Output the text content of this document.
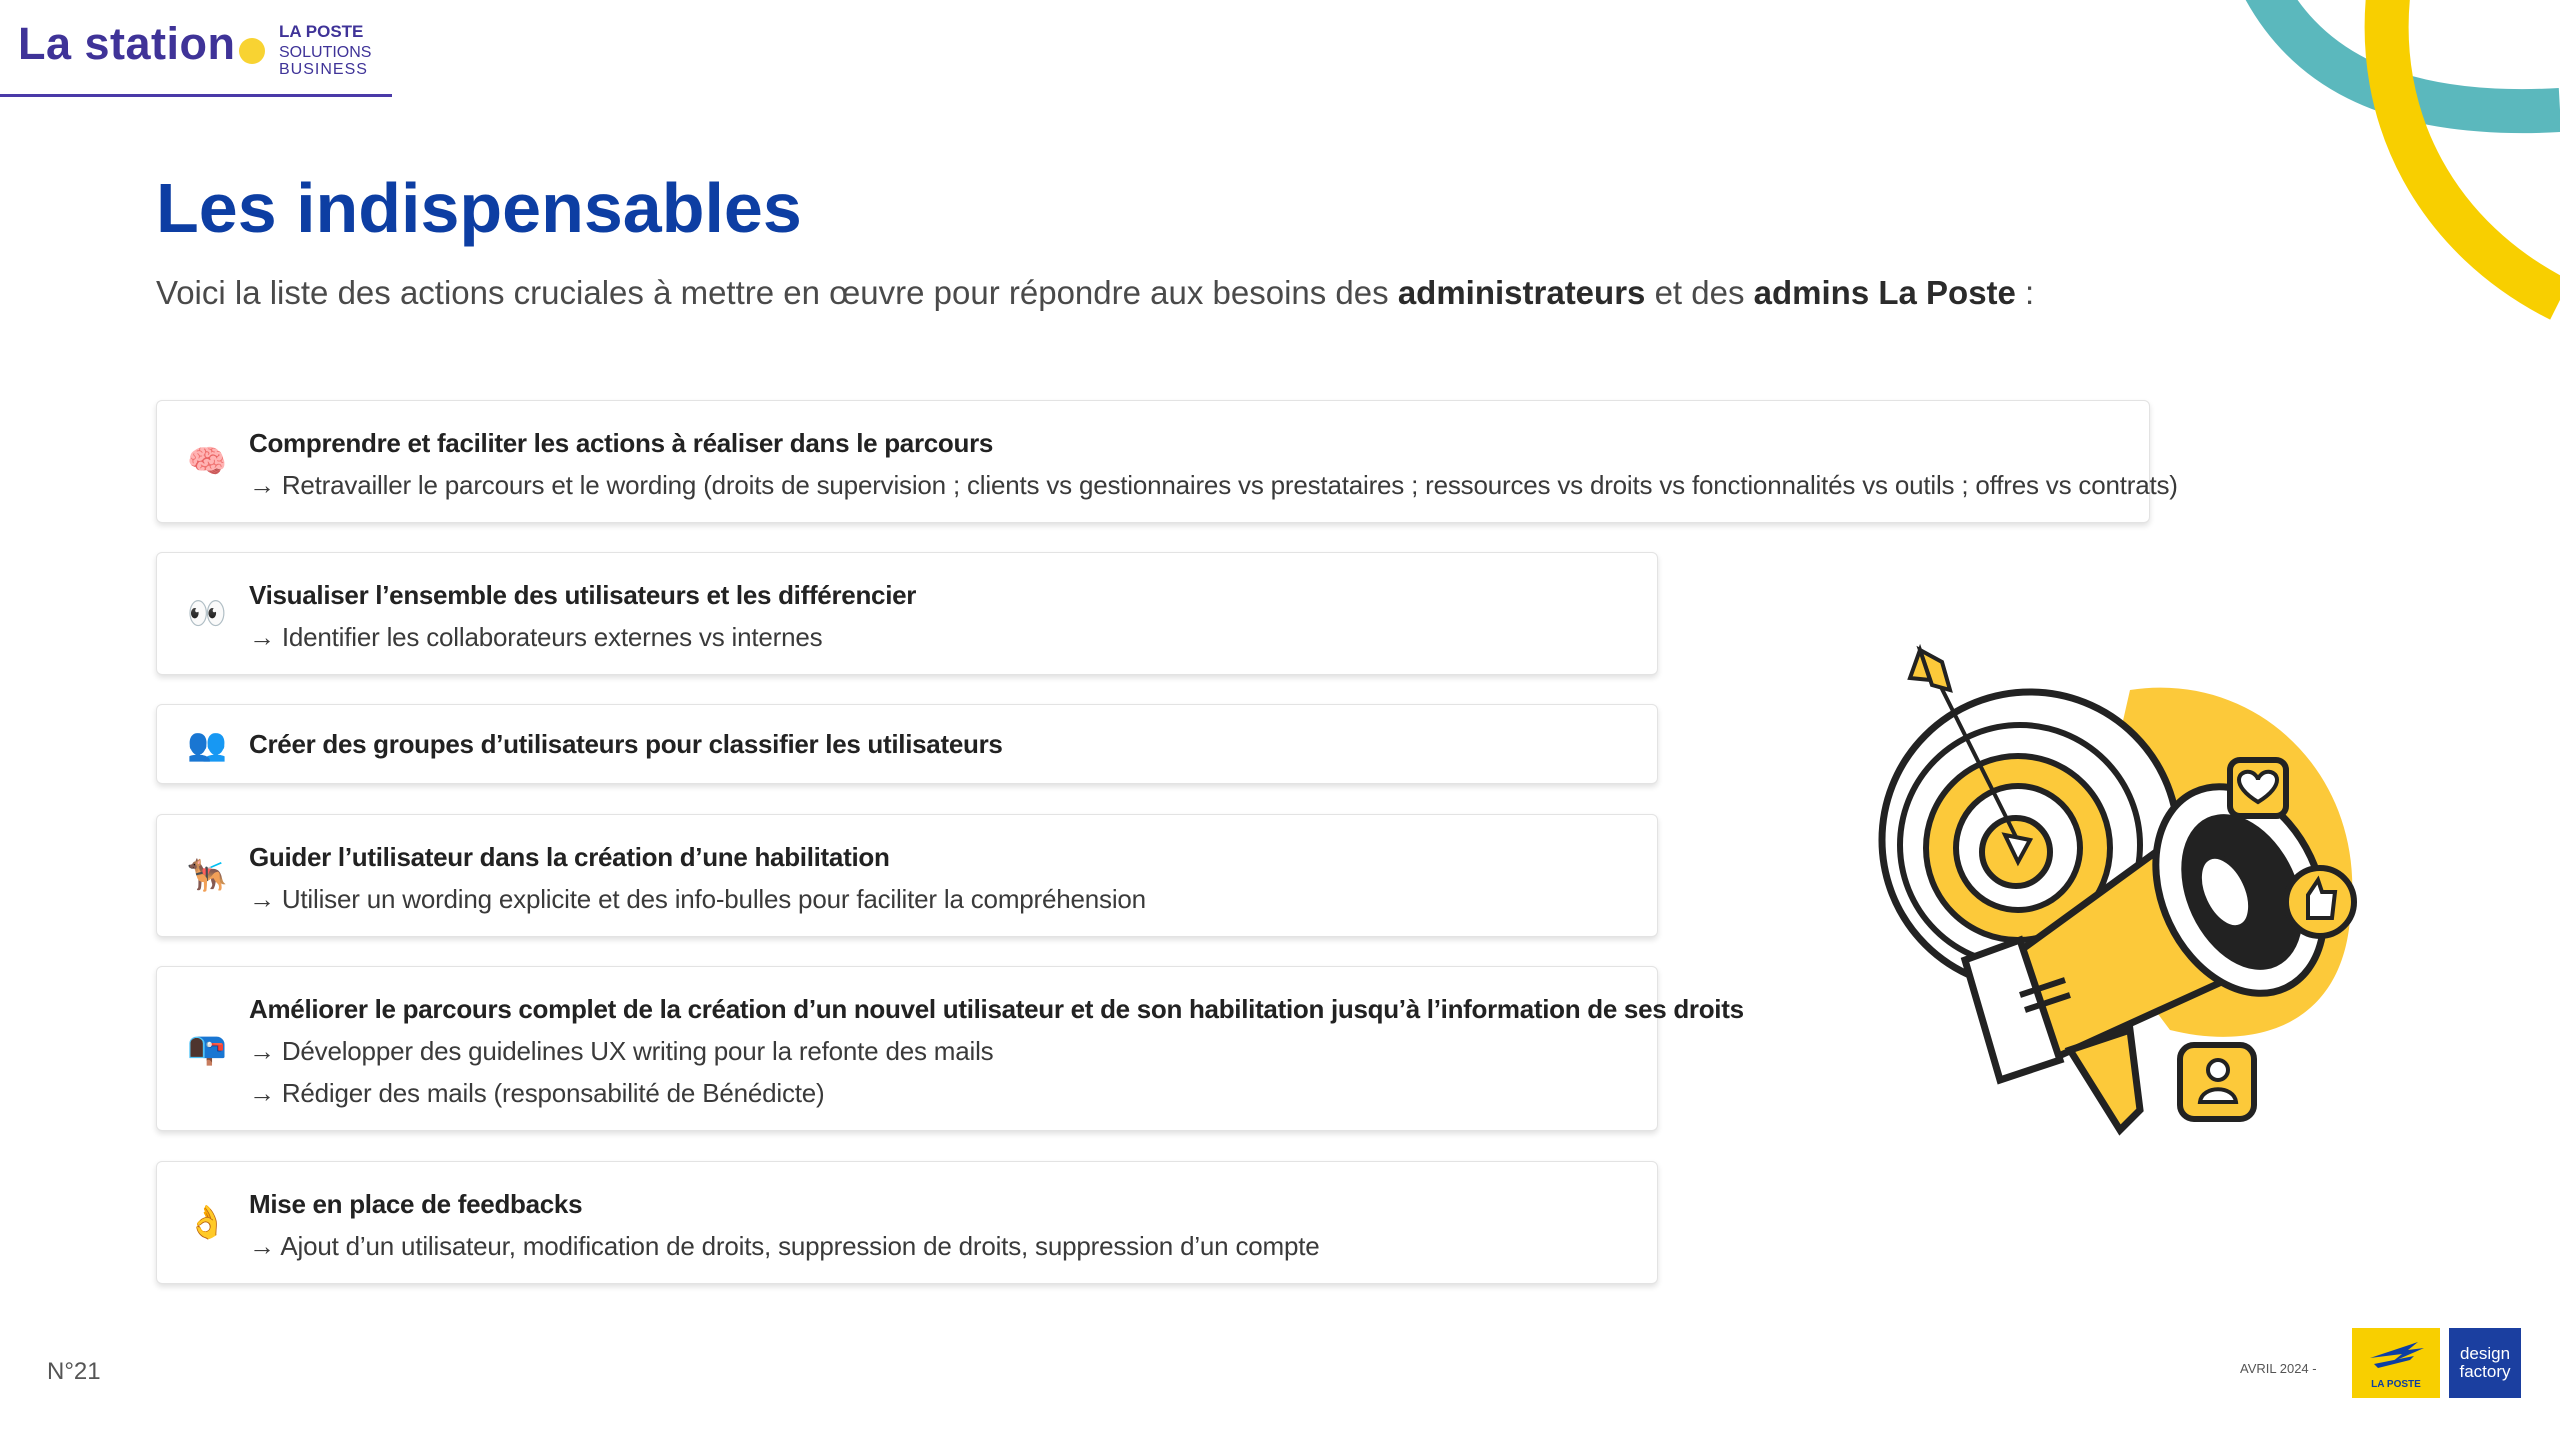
La station	LA POSTE
SOLUTIONS
BUSINESS
Les indispensables
Voici la liste des actions cruciales à mettre en œuvre pour répondre aux besoins des administrateurs et des admins La Poste :
🧠 Comprendre et faciliter les actions à réaliser dans le parcours
→ Retravailler le parcours et le wording (droits de supervision ; clients vs gestionnaires vs prestataires ; ressources vs droits vs fonctionnalités vs outils ; offres vs contrats)
👀 Visualiser l’ensemble des utilisateurs et les différencier
→ Identifier les collaborateurs externes vs internes
👥 Créer des groupes d’utilisateurs pour classifier les utilisateurs
🐕‍🦺 Guider l’utilisateur dans la création d’une habilitation
→ Utiliser un wording explicite et des info-bulles pour faciliter la compréhension
📭
Améliorer le parcours complet de la création d’un nouvel utilisateur et de son habilitation jusqu’à l’information de ses droits
→ Développer des guidelines UX writing pour la refonte des mails
→ Rédiger des mails (responsabilité de Bénédicte)
👌 Mise en place de feedbacks
→ Ajout d’un utilisateur, modification de droits, suppression de droits, suppression d’un compte
N°21	AVRIL 2024 -
LA POSTE
design
factory
